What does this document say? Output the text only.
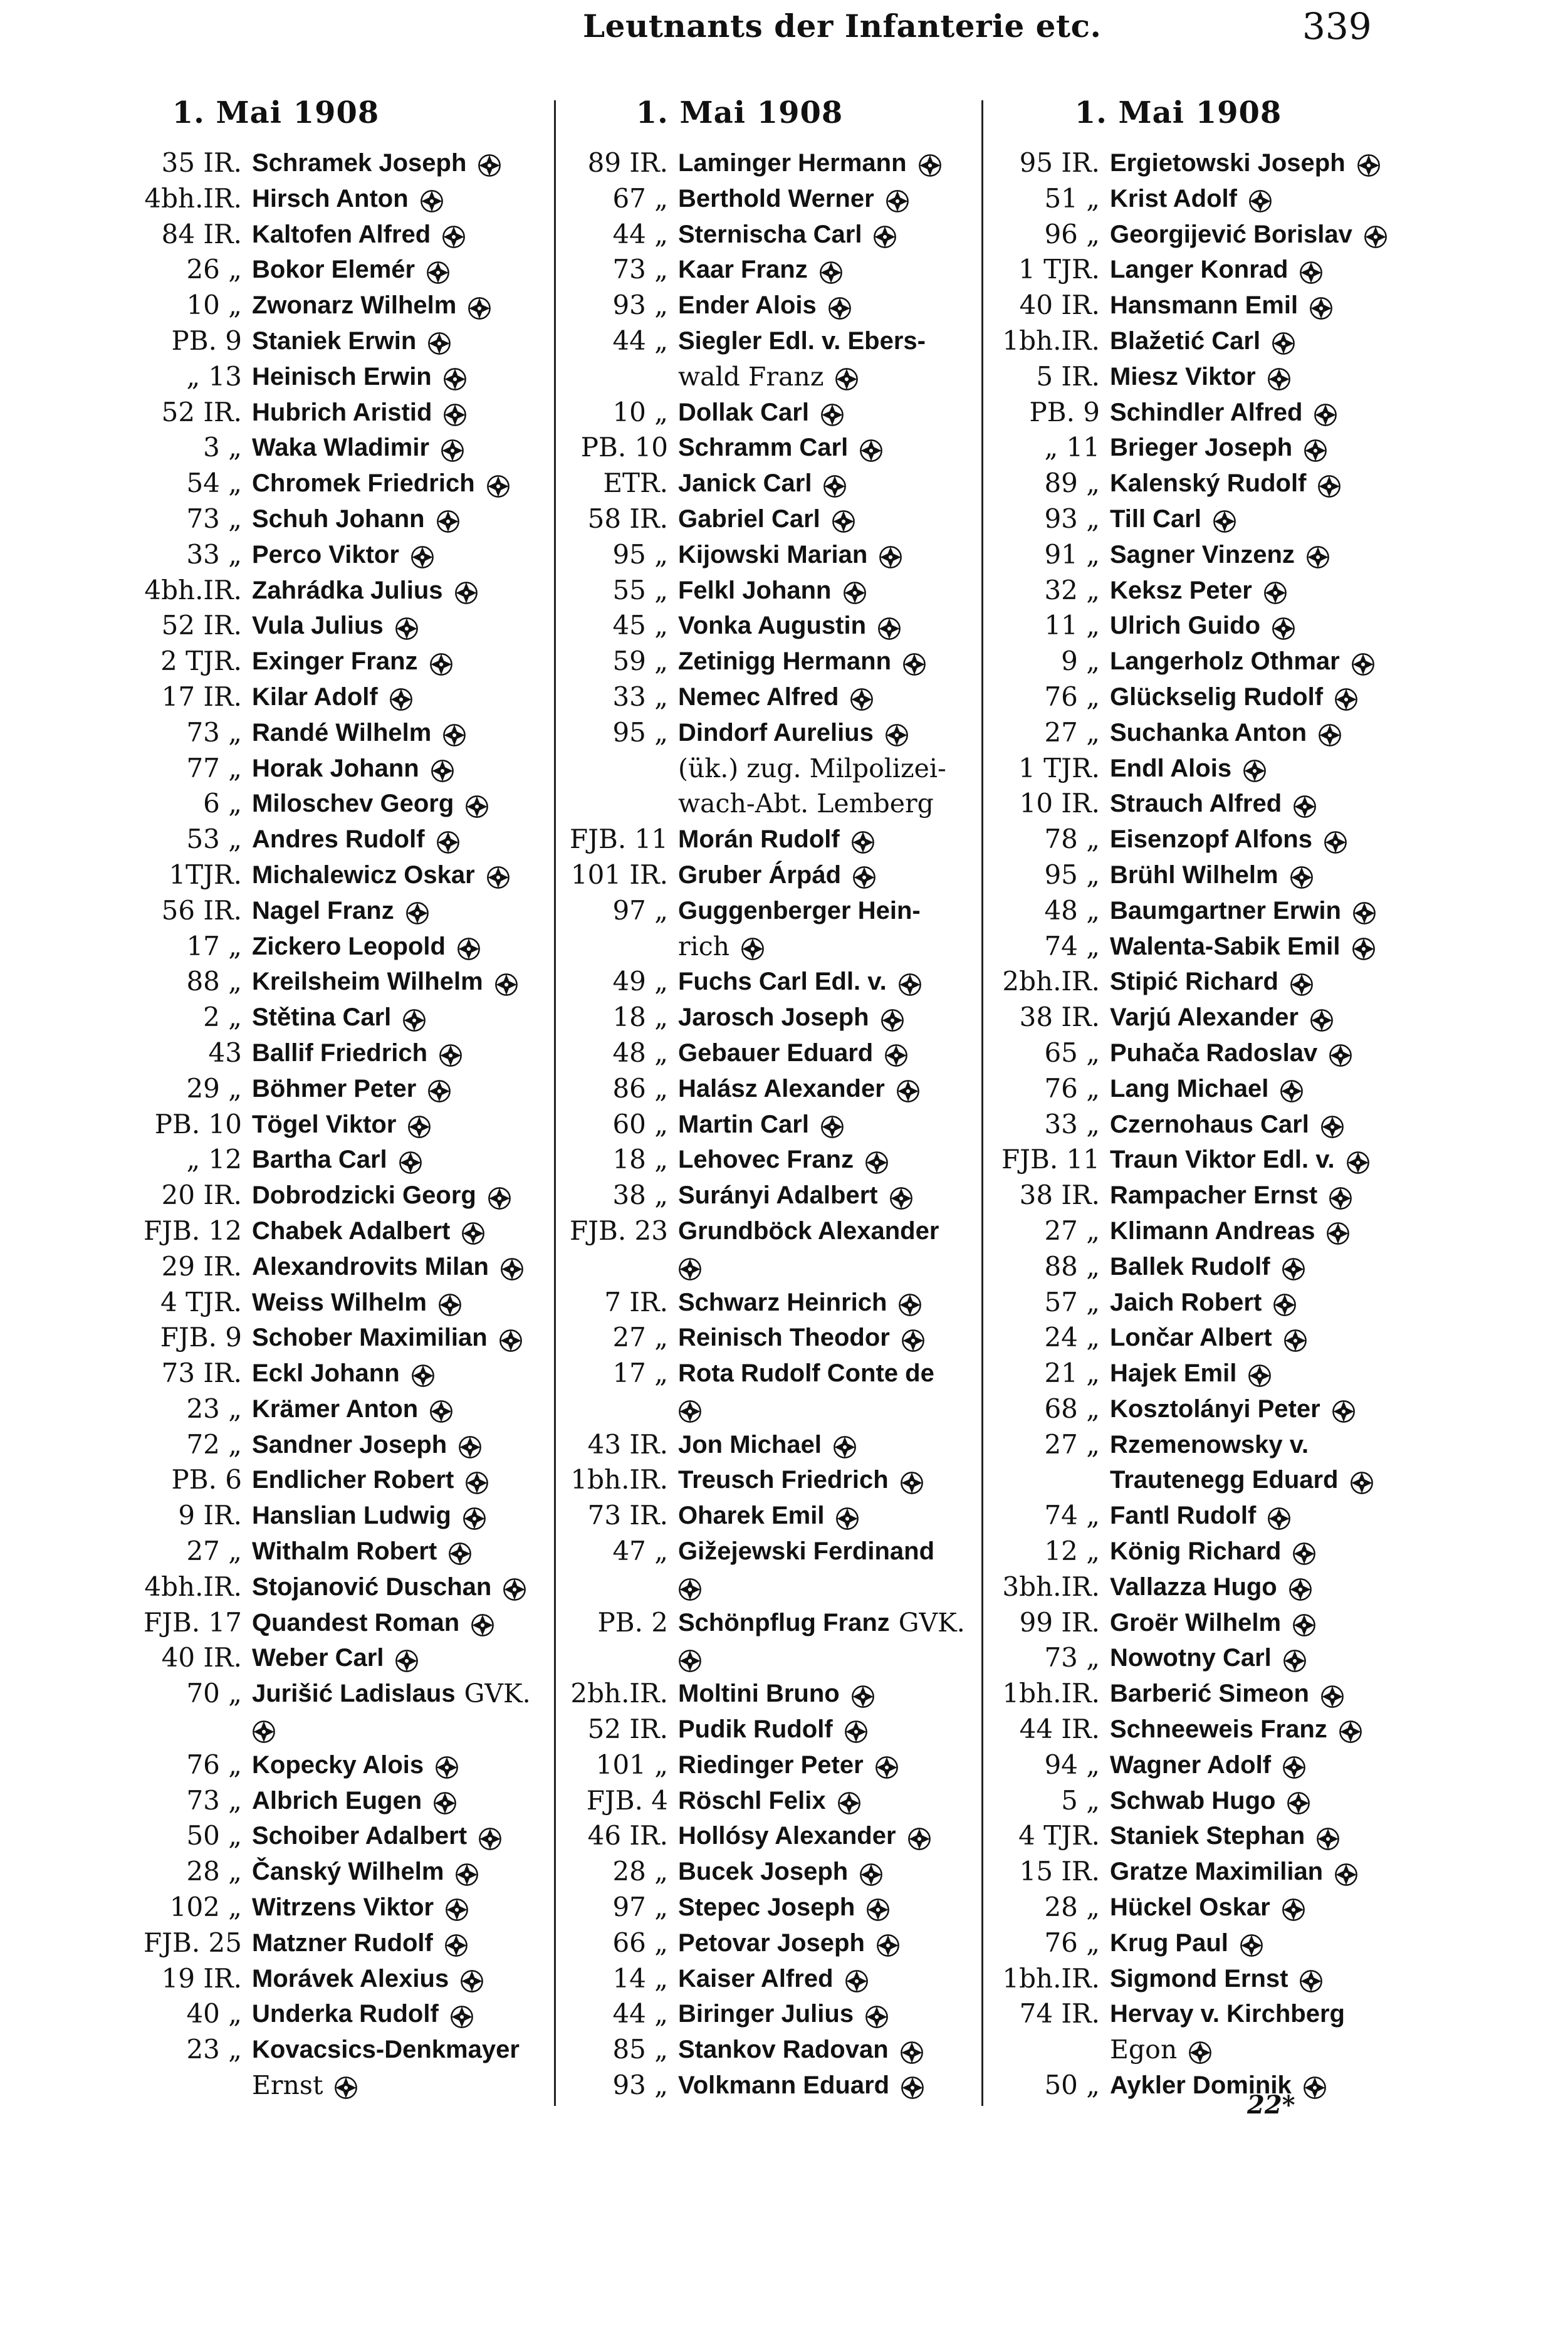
Leutnants der Infanterie etc.	339
1. Mai 1908	1. Mai 1908	1. Mai 1908
35 IR. Schramek Joseph
4bh.IR. Hirsch Anton
84 IR. Kaltofen Alfred
26 „ Bokor Elemér
10 „ Zwonarz Wilhelm
PB. 9 Staniek Erwin
„ 13 Heinisch Erwin
52 IR. Hubrich Aristid
3 „ Waka Wladimir
54 „ Chromek Friedrich
73 „ Schuh Johann
33 „ Perco Viktor
4bh.IR. Zahrádka Julius
52 IR. Vula Julius
2 TJR. Exinger Franz
17 IR. Kilar Adolf
73 „ Randé Wilhelm
77 „ Horak Johann
6 „ Miloschev Georg
53 „ Andres Rudolf
1TJR. Michalewicz Oskar
56 IR. Nagel Franz
17 „ Zickero Leopold
88 „ Kreilsheim Wilhelm
2 „ Stětina Carl
43 Ballif Friedrich
29 „ Böhmer Peter
PB. 10 Tögel Viktor
„ 12 Bartha Carl
20 IR. Dobrodzicki Georg
FJB. 12 Chabek Adalbert
29 IR. Alexandrovits Milan
4 TJR. Weiss Wilhelm
FJB. 9 Schober Maximilian
73 IR. Eckl Johann
23 „ Krämer Anton
72 „ Sandner Joseph
PB. 6 Endlicher Robert
9 IR. Hanslian Ludwig
27 „ Withalm Robert
4bh.IR. Stojanović Duschan
FJB. 17 Quandest Roman
40 IR. Weber Carl
70 „ Jurišić Ladislaus GVK.
76 „ Kopecky Alois
73 „ Albrich Eugen
50 „ Schoiber Adalbert
28 „ Čanský Wilhelm
102 „ Witrzens Viktor
FJB. 25 Matzner Rudolf
19 IR. Morávek Alexius
40 „ Underka Rudolf
23 „ Kovacsics-Denkmayer
Ernst
89 IR. Laminger Hermann
67 „ Berthold Werner
44 „ Sternischa Carl
73 „ Kaar Franz
93 „ Ender Alois
44 „ Siegler Edl. v. Ebers-
wald Franz
10 „ Dollak Carl
PB. 10 Schramm Carl
ETR. Janick Carl
58 IR. Gabriel Carl
95 „ Kijowski Marian
55 „ Felkl Johann
45 „ Vonka Augustin
59 „ Zetinigg Hermann
33 „ Nemec Alfred
95 „ Dindorf Aurelius
(ük.) zug. Milpolizei-
wach-Abt. Lemberg
FJB. 11 Morán Rudolf
101 IR. Gruber Árpád
97 „ Guggenberger Hein-
rich
49 „ Fuchs Carl Edl. v.
18 „ Jarosch Joseph
48 „ Gebauer Eduard
86 „ Halász Alexander
60 „ Martin Carl
18 „ Lehovec Franz
38 „ Surányi Adalbert
FJB. 23 Grundböck Alexander
7 IR. Schwarz Heinrich
27 „ Reinisch Theodor
17 „ Rota Rudolf Conte de
43 IR. Jon Michael
1bh.IR. Treusch Friedrich
73 IR. Oharek Emil
47 „ Gižejewski Ferdinand
PB. 2 Schönpflug Franz GVK.
2bh.IR. Moltini Bruno
52 IR. Pudik Rudolf
101 „ Riedinger Peter
FJB. 4 Röschl Felix
46 IR. Hollósy Alexander
28 „ Bucek Joseph
97 „ Stepec Joseph
66 „ Petovar Joseph
14 „ Kaiser Alfred
44 „ Biringer Julius
85 „ Stankov Radovan
93 „ Volkmann Eduard
95 IR. Ergietowski Joseph
51 „ Krist Adolf
96 „ Georgijević Borislav
1 TJR. Langer Konrad
40 IR. Hansmann Emil
1bh.IR. Blažetić Carl
5 IR. Miesz Viktor
PB. 9 Schindler Alfred
„ 11 Brieger Joseph
89 „ Kalenský Rudolf
93 „ Till Carl
91 „ Sagner Vinzenz
32 „ Keksz Peter
11 „ Ulrich Guido
9 „ Langerholz Othmar
76 „ Glückselig Rudolf
27 „ Suchanka Anton
1 TJR. Endl Alois
10 IR. Strauch Alfred
78 „ Eisenzopf Alfons
95 „ Brühl Wilhelm
48 „ Baumgartner Erwin
74 „ Walenta-Sabik Emil
2bh.IR. Stipić Richard
38 IR. Varjú Alexander
65 „ Puhača Radoslav
76 „ Lang Michael
33 „ Czernohaus Carl
FJB. 11 Traun Viktor Edl. v.
38 IR. Rampacher Ernst
27 „ Klimann Andreas
88 „ Ballek Rudolf
57 „ Jaich Robert
24 „ Lončar Albert
21 „ Hajek Emil
68 „ Kosztolányi Peter
27 „ Rzemenowsky v.
Trautenegg Eduard
74 „ Fantl Rudolf
12 „ König Richard
3bh.IR. Vallazza Hugo
99 IR. Groër Wilhelm
73 „ Nowotny Carl
1bh.IR. Barberić Simeon
44 IR. Schneeweis Franz
94 „ Wagner Adolf
5 „ Schwab Hugo
4 TJR. Staniek Stephan
15 IR. Gratze Maximilian
28 „ Hückel Oskar
76 „ Krug Paul
1bh.IR. Sigmond Ernst
74 IR. Hervay v. Kirchberg
Egon
50 „ Aykler Dominik
22*
